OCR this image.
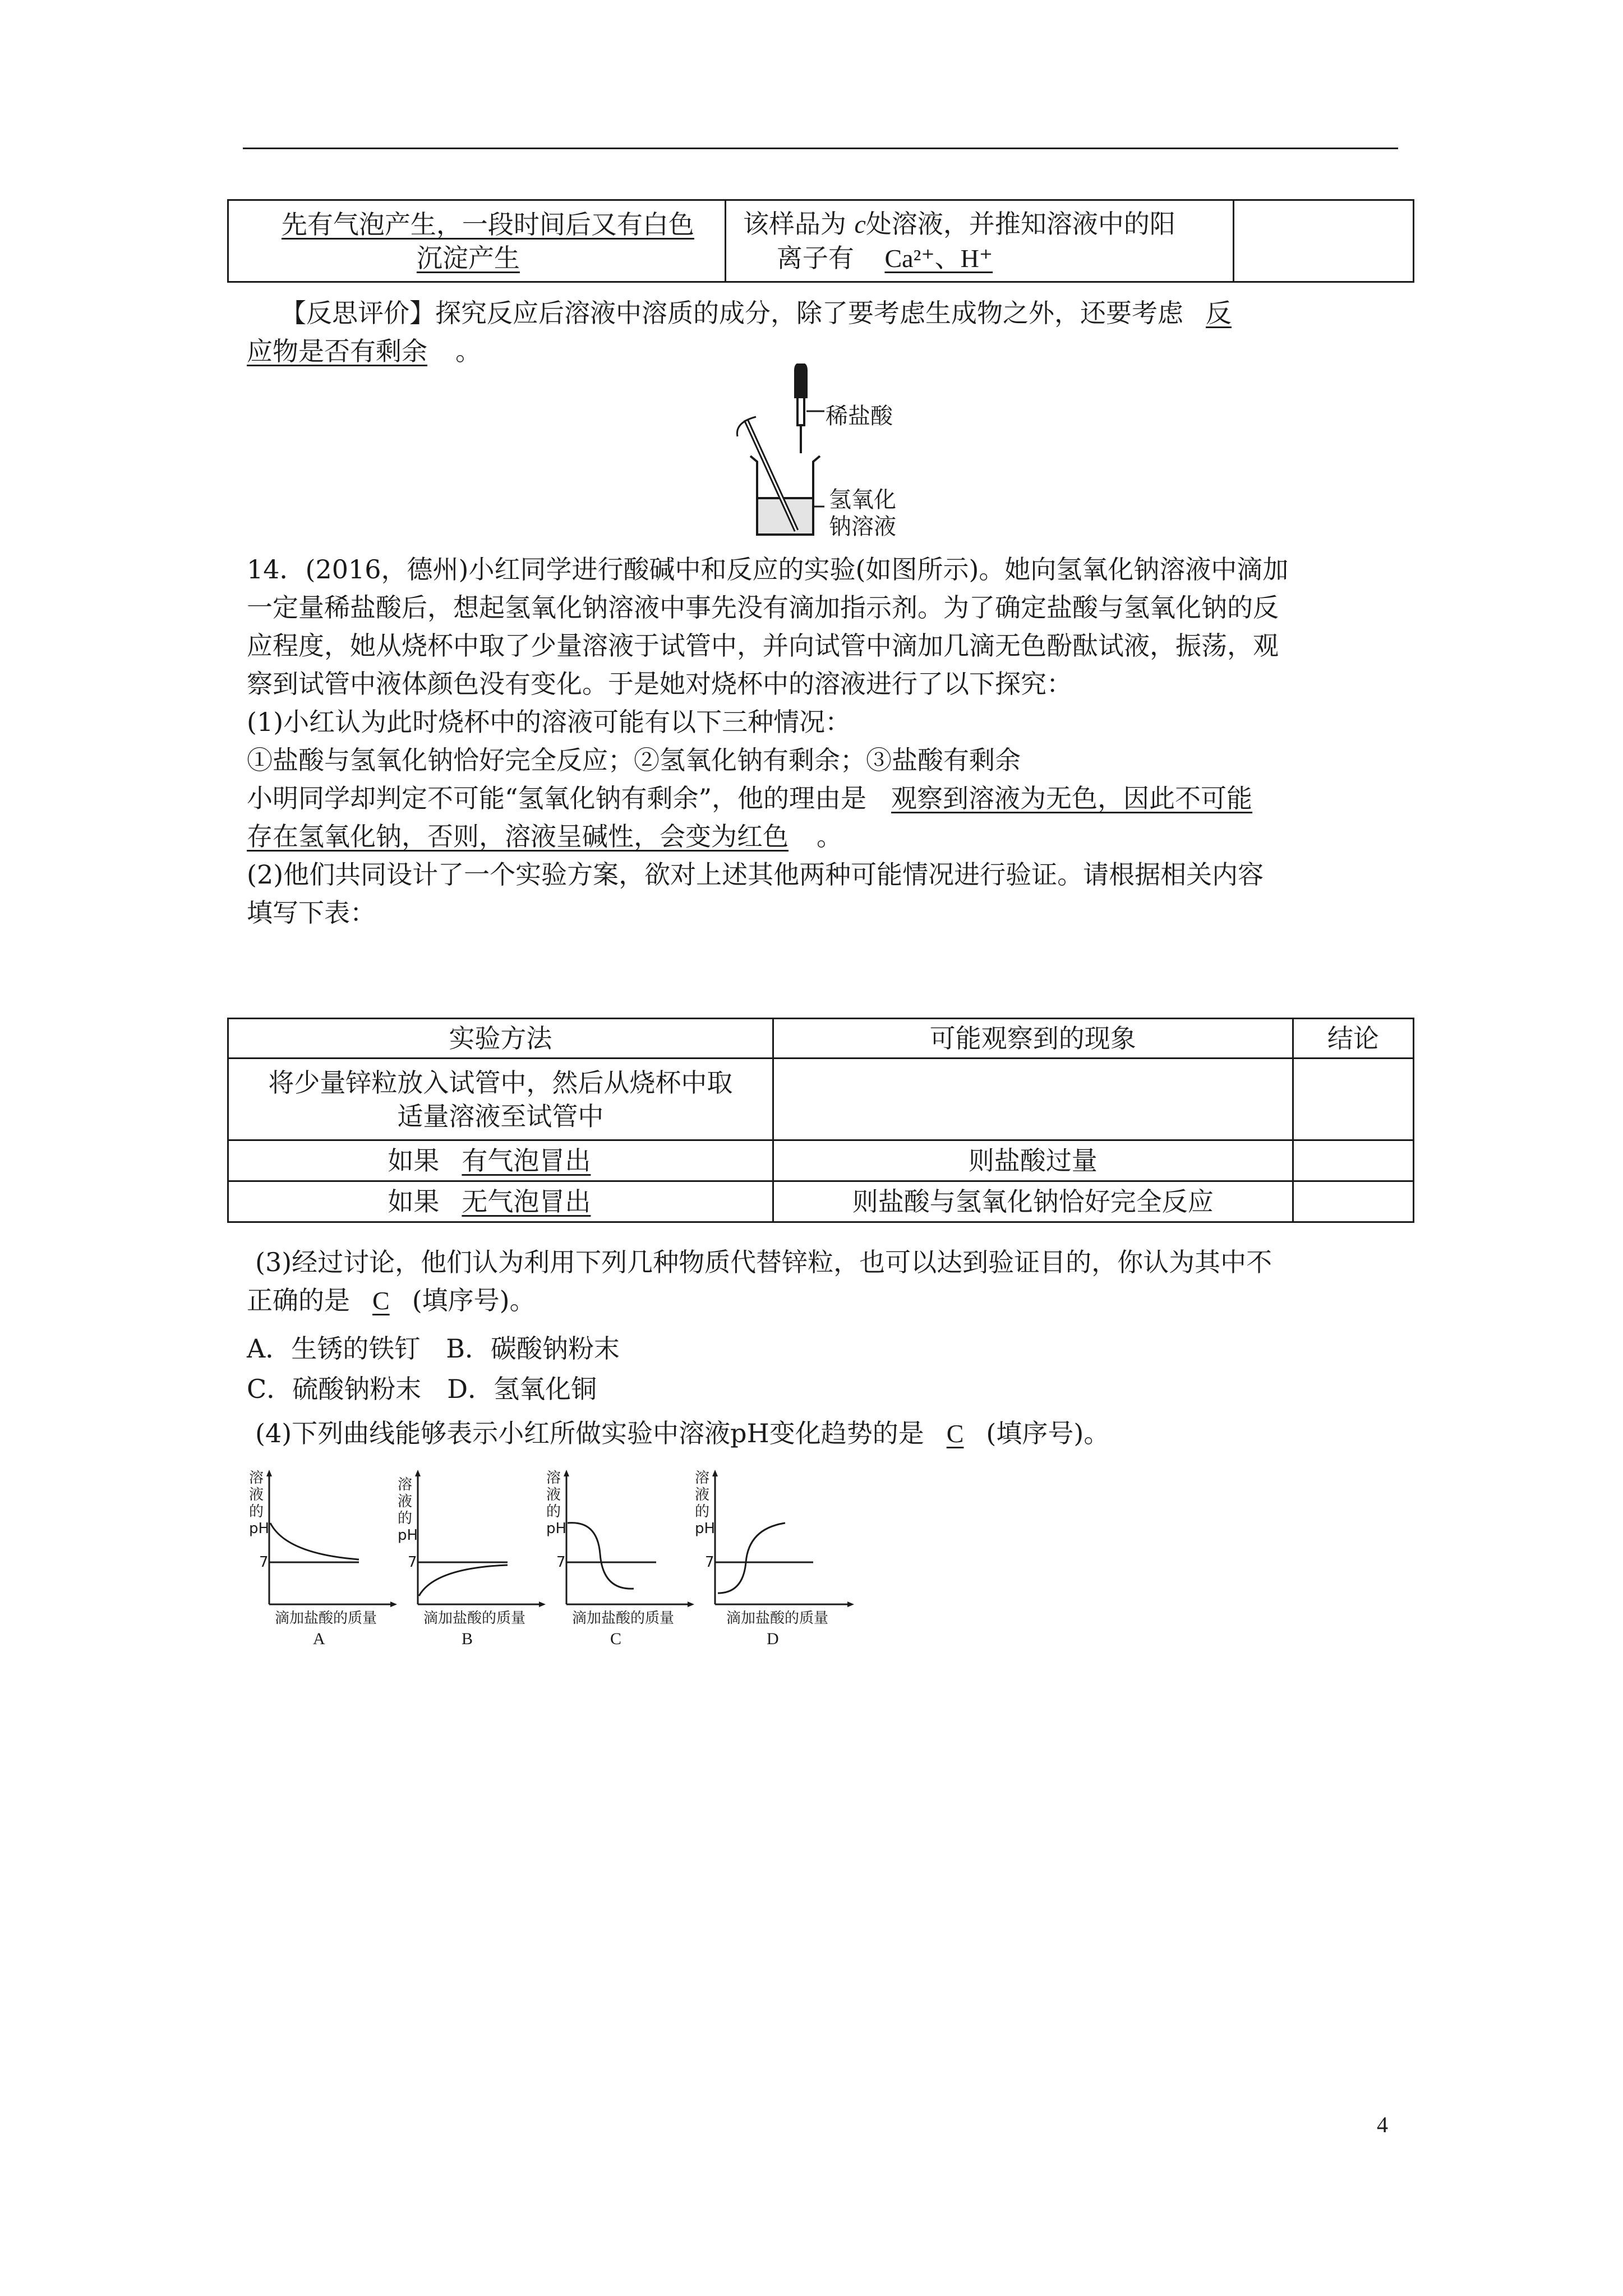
先有气泡产生，一段时间后又有白色
沉淀产生	该样品为 c处溶液，并推知溶液中的阳
离子有 Ca²⁺、H⁺	
【反思评价】探究反应后溶液中溶质的成分，除了要考虑生成物之外，还要考虑 反
应物是否有剩余 。
稀盐酸
氢氧化
钠溶液
14．(2016，德州)小红同学进行酸碱中和反应的实验(如图所示)。她向氢氧化钠溶液中滴加
一定量稀盐酸后，想起氢氧化钠溶液中事先没有滴加指示剂。为了确定盐酸与氢氧化钠的反
应程度，她从烧杯中取了少量溶液于试管中，并向试管中滴加几滴无色酚酞试液，振荡，观
察到试管中液体颜色没有变化。于是她对烧杯中的溶液进行了以下探究：
(1)小红认为此时烧杯中的溶液可能有以下三种情况：
①盐酸与氢氧化钠恰好完全反应；②氢氧化钠有剩余；③盐酸有剩余
小明同学却判定不可能“氢氧化钠有剩余”，他的理由是 观察到溶液为无色，因此不可能
存在氢氧化钠，否则，溶液呈碱性，会变为红色 。
(2)他们共同设计了一个实验方案，欲对上述其他两种可能情况进行验证。请根据相关内容
填写下表：
实验方法	可能观察到的现象	结论
将少量锌粒放入试管中，然后从烧杯中取
适量溶液至试管中		
如果 有气泡冒出	则盐酸过量	
如果 无气泡冒出	则盐酸与氢氧化钠恰好完全反应	
(3)经过讨论，他们认为利用下列几种物质代替锌粒，也可以达到验证目的，你认为其中不
正确的是 C (填序号)。
A．生锈的铁钉　B．碳酸钠粉末
C．硫酸钠粉末　D．氢氧化铜
(4)下列曲线能够表示小红所做实验中溶液pH变化趋势的是 C (填序号)。
溶
液
的
pH
7
滴加盐酸的质量
A
溶
液
的
pH
7
滴加盐酸的质量
B
溶
液
的
pH
7
滴加盐酸的质量
C
溶
液
的
pH
7
滴加盐酸的质量
D
4
